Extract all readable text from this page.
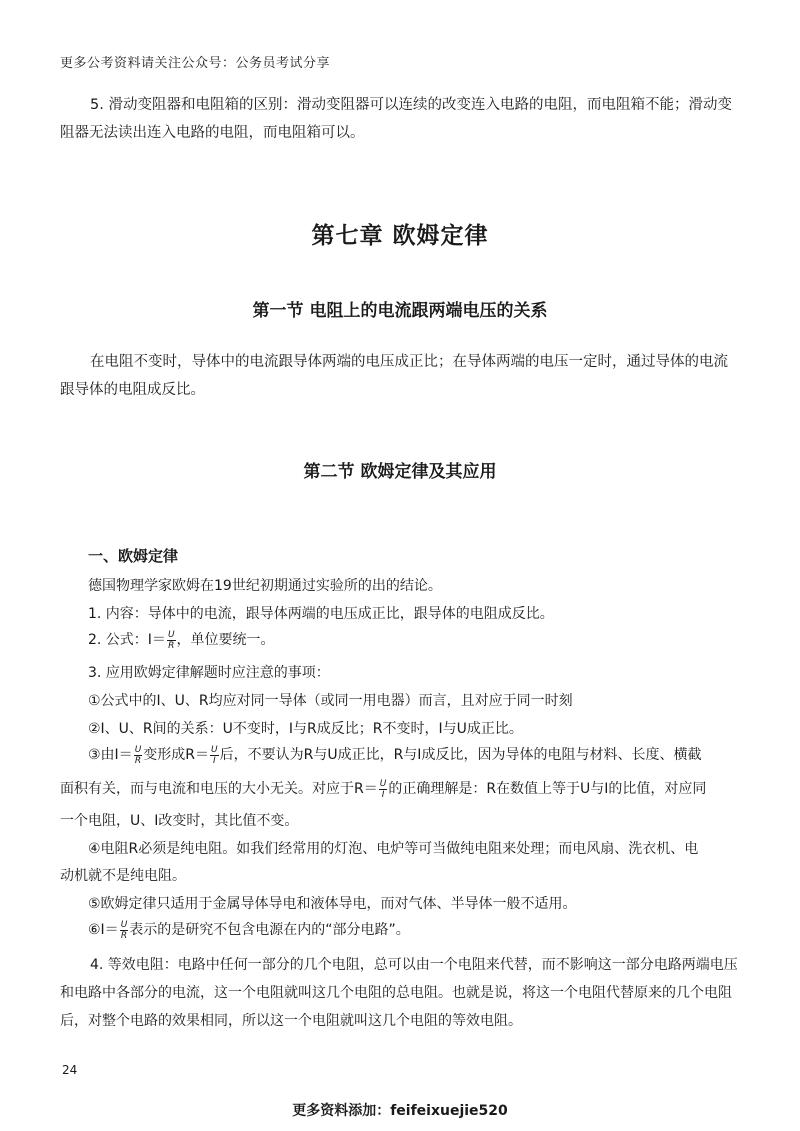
更多公考资料请关注公众号：公务员考试分享
5. 滑动变阻器和电阻箱的区别：滑动变阻器可以连续的改变连入电路的电阻，而电阻箱不能；滑动变阻器无法读出连入电路的电阻，而电阻箱可以。
第七章 欧姆定律
第一节 电阻上的电流跟两端电压的关系
在电阻不变时，导体中的电流跟导体两端的电压成正比；在导体两端的电压一定时，通过导体的电流跟导体的电阻成反比。
第二节 欧姆定律及其应用
一、欧姆定律
德国物理学家欧姆在19世纪初期通过实验所的出的结论。
1. 内容：导体中的电流，跟导体两端的电压成正比，跟导体的电阻成反比。
2. 公式：$I= \frac{U}{R}$ ，单位要统一。
3. 应用欧姆定律解题时应注意的事项：
①公式中的I、U、R均应对同一导体（或同一用电器）而言，且对应于同一时刻
②I、U、R间的关系：U不变时，I与R成反比；R不变时，I与U成正比。
③由$I= \frac{U}{R}$ 变形成$R= \frac{U}{I}$ 后，不要认为R与U成正比，R与I成反比，因为导体的电阻与材料、长度、横截
面积有关，而与电流和电压的大小无关。对应于$R= \frac{U}{I}$ 的正确理解是：R在数值上等于U与I的比值，对应同
一个电阻，U、I改变时，其比值不变。
④电阻R必须是纯电阻。如我们经常用的灯泡、电炉等可当做纯电阻来处理；而电风扇、洗衣机、电
动机就不是纯电阻。
⑤欧姆定律只适用于金属导体导电和液体导电，而对气体、半导体一般不适用。
⑥I＝ $\frac{U}{R}$ 表示的是研究不包含电源在内的“部分电路”。
4. 等效电阻：电路中任何一部分的几个电阻，总可以由一个电阻来代替，而不影响这一部分电路两端电压和电路中各部分的电流，这一个电阻就叫这几个电阻的总电阻。也就是说，将这一个电阻代替原来的几个电阻后，对整个电路的效果相同，所以这一个电阻就叫这几个电阻的等效电阻。
24
更多资料添加：feifeixuejie520
